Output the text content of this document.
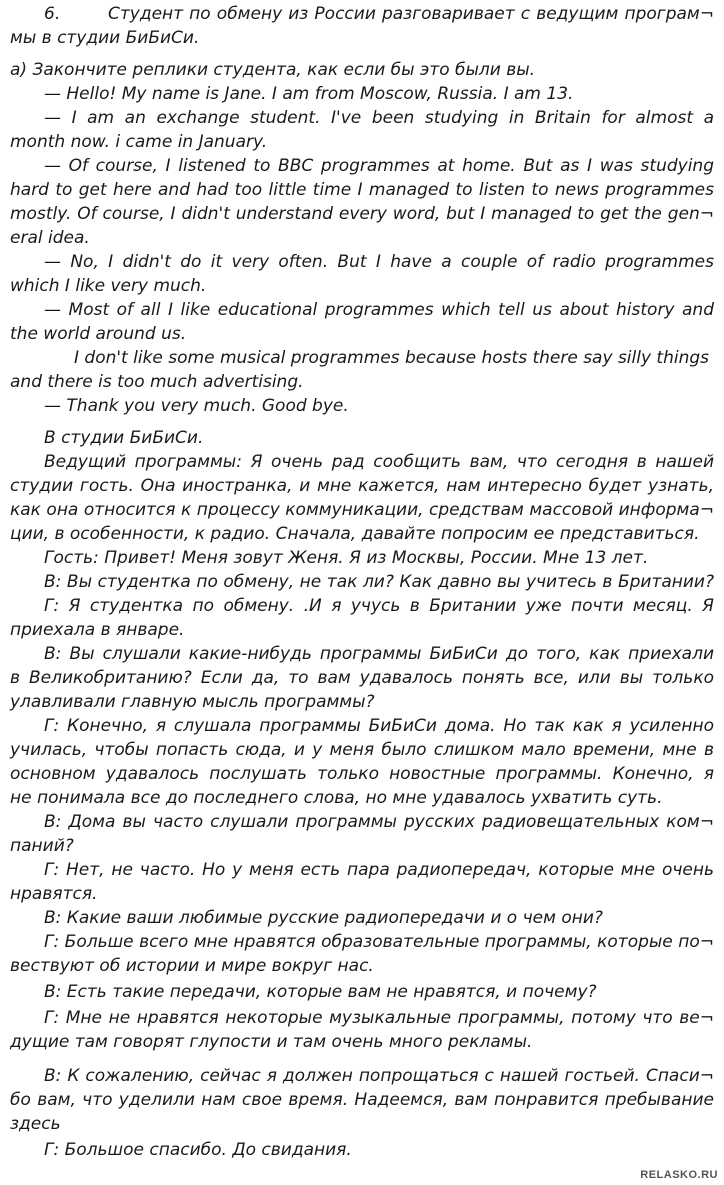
6.	Студент по обмену из России разговаривает с ведущим програм¬
мы в студии БиБиСи.
а) Закончите реплики студента, как если бы это были вы.
— Hello! My name is Jane. I am from Moscow, Russia. I am 13.
— I am an exchange student. I've been studying in Britain for almost a
month now. i came in January.
— Of course, I listened to BBC programmes at home. But as I was studying
hard to get here and had too little time I managed to listen to news programmes
mostly. Of course, I didn't understand every word, but I managed to get the gen¬
eral idea.
— No, I didn't do it very often. But I have a couple of radio programmes
which I like very much.
— Most of all I like educational programmes which tell us about history and
the world around us.
I don't like some musical programmes because hosts there say silly things
and there is too much advertising.
— Thank you very much. Good bye.
В студии БиБиСи.
Ведущий программы: Я очень рад сообщить вам, что сегодня в нашей
студии гость. Она иностранка, и мне кажется, нам интересно будет узнать,
как она относится к процессу коммуникации, средствам массовой информа¬
ции, в особенности, к радио. Сначала, давайте попросим ее представиться.
Гость: Привет! Меня зовут Женя. Я из Москвы, России. Мне 13 лет.
В: Вы студентка по обмену, не так ли? Как давно вы учитесь в Британии?
Г: Я студентка по обмену. .И я учусь в Британии уже почти месяц. Я
приехала в январе.
В: Вы слушали какие-нибудь программы БиБиСи до того, как приехали
в Великобританию? Если да, то вам удавалось понять все, или вы только
улавливали главную мысль программы?
Г: Конечно, я слушала программы БиБиСи дома. Но так как я усиленно
училась, чтобы попасть сюда, и у меня было слишком мало времени, мне в
основном удавалось послушать только новостные программы. Конечно, я
не понимала все до последнего слова, но мне удавалось ухватить суть.
В: Дома вы часто слушали программы русских радиовещательных ком¬
паний?
Г: Нет, не часто. Но у меня есть пара радиопередач, которые мне очень
нравятся.
В: Какие ваши любимые русские радиопередачи и о чем они?
Г: Больше всего мне нравятся образовательные программы, которые по¬
вествуют об истории и мире вокруг нас.
В: Есть такие передачи, которые вам не нравятся, и почему?
Г: Мне не нравятся некоторые музыкальные программы, потому что ве¬
дущие там говорят глупости и там очень много рекламы.
В: К сожалению, сейчас я должен попрощаться с нашей гостьей. Спаси¬
бо вам, что уделили нам свое время. Надеемся, вам понравится пребывание
здесь
Г: Большое спасибо. До свидания.
RELASKO.RU
